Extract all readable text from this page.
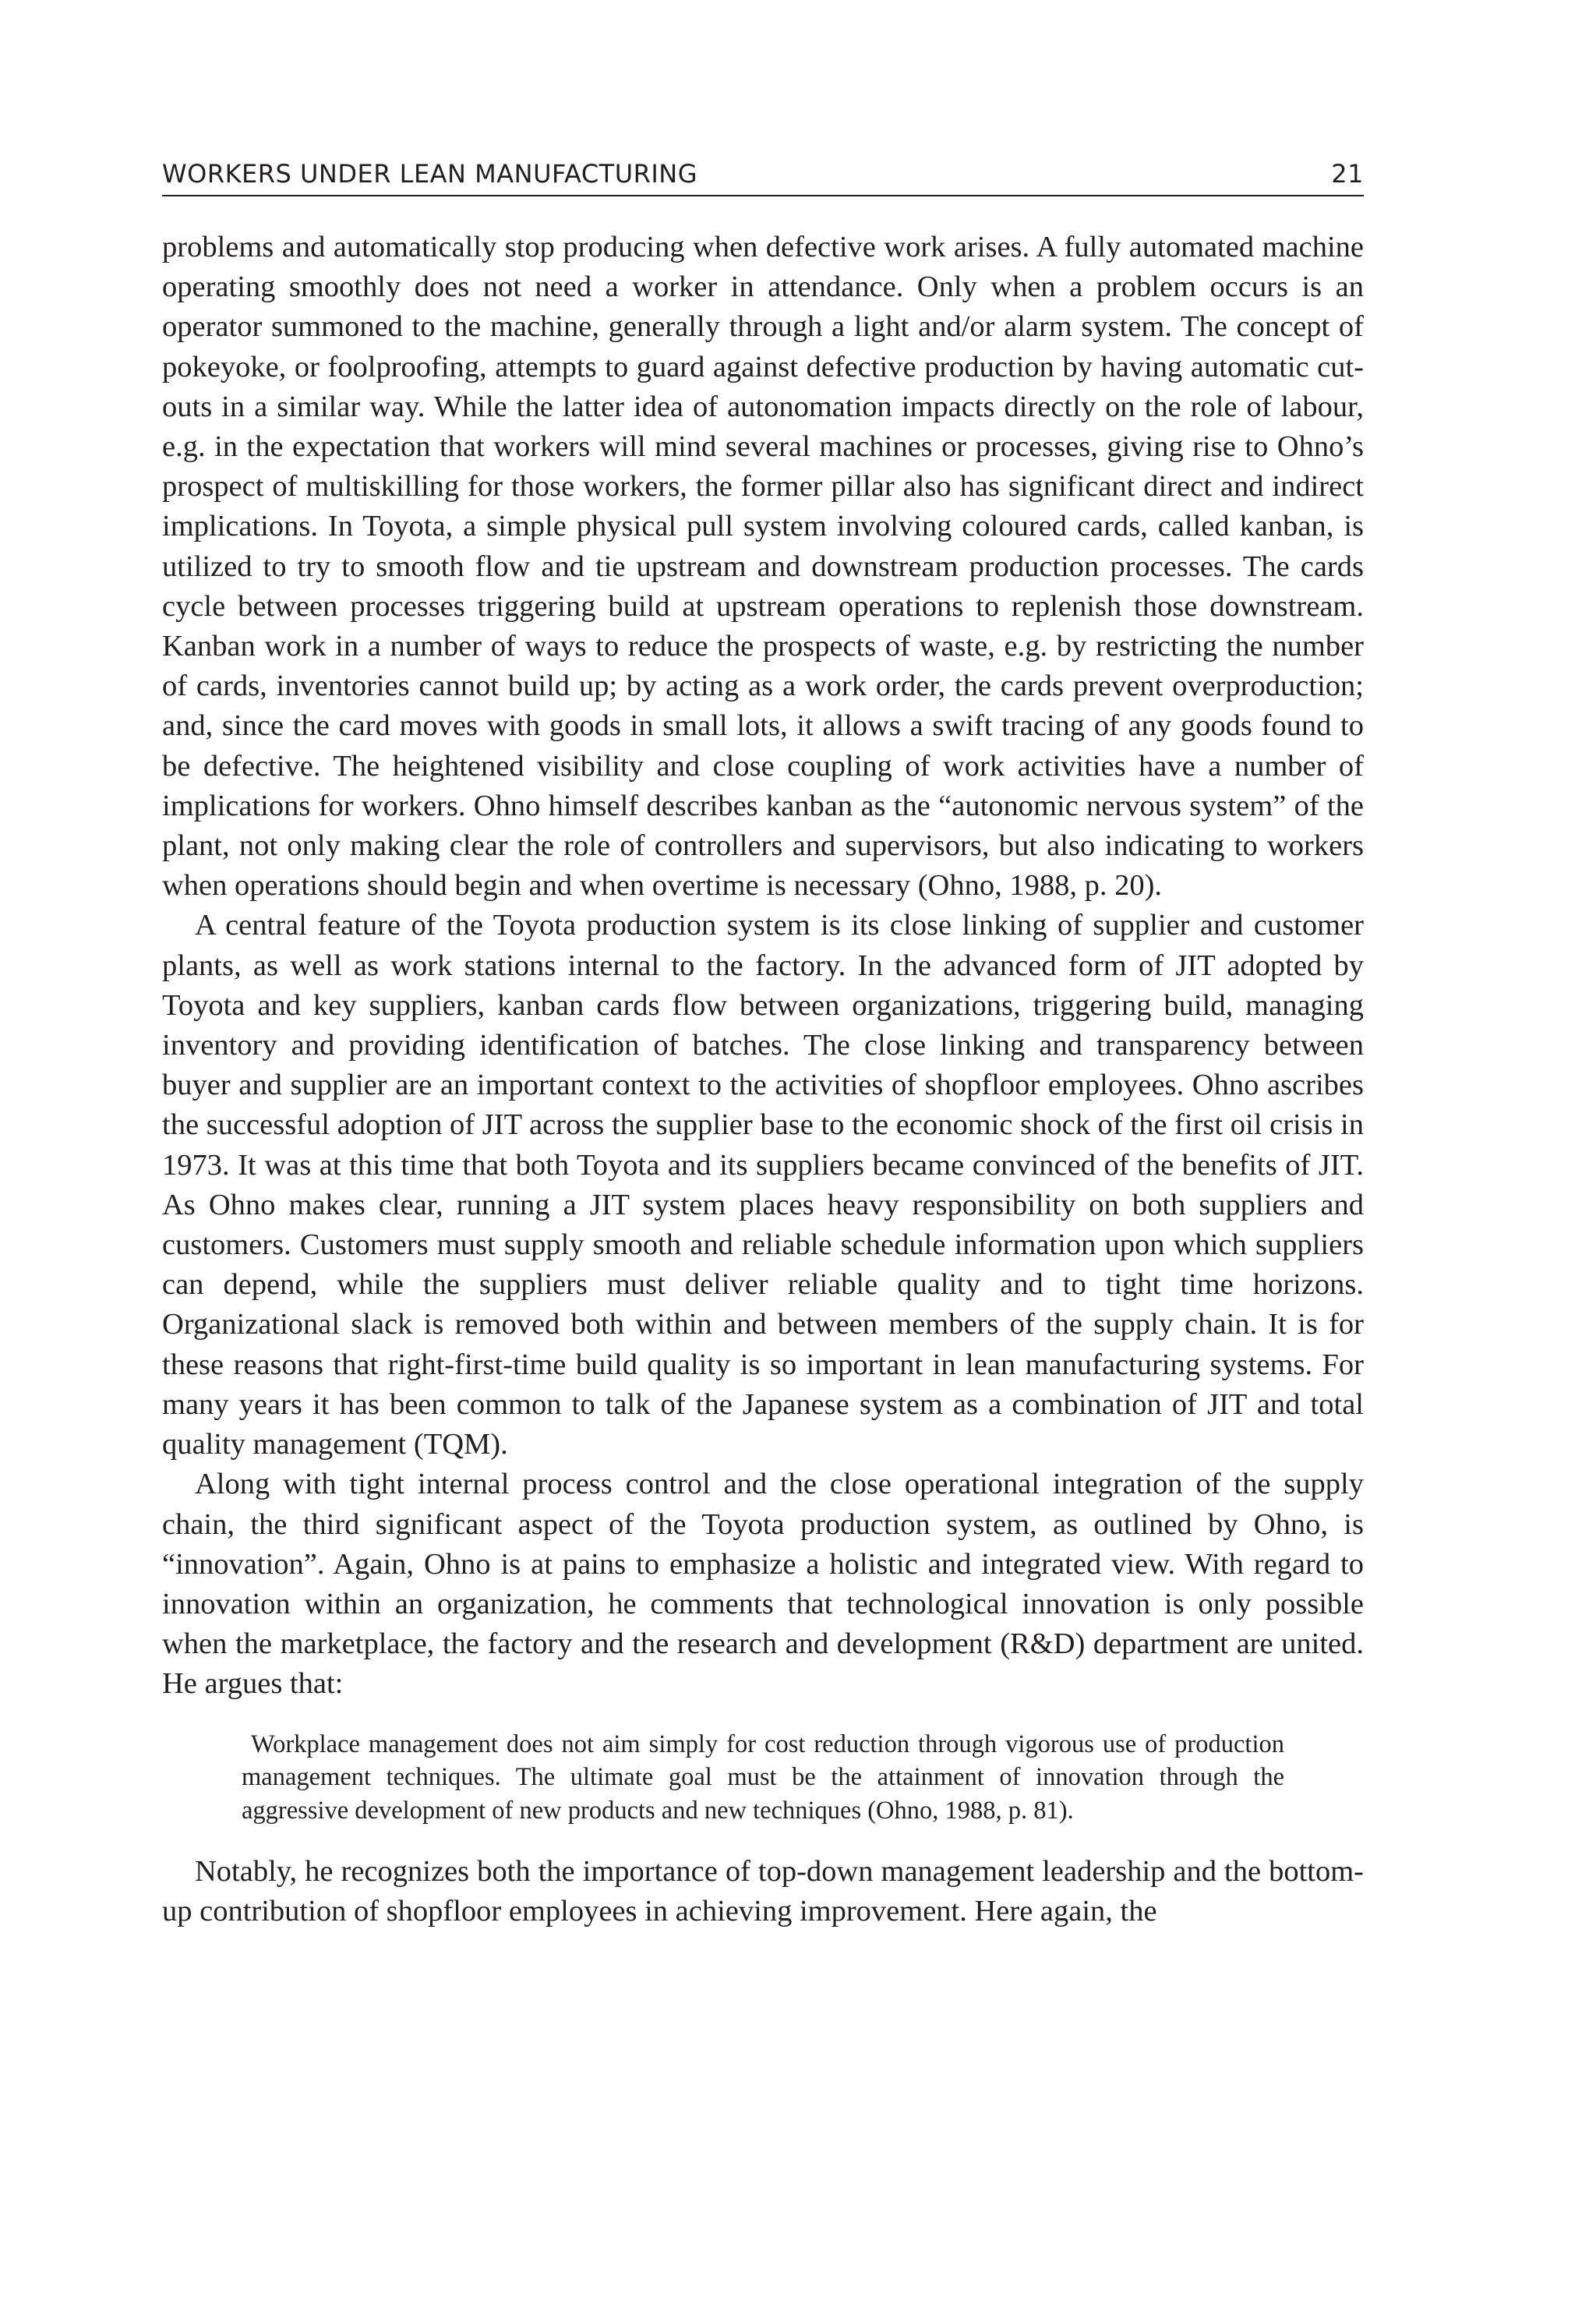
WORKERS UNDER LEAN MANUFACTURING	21

problems and automatically stop producing when defective work arises. A fully automated machine operating smoothly does not need a worker in attendance. Only when a problem occurs is an operator summoned to the machine, generally through a light and/or alarm system. The concept of pokeyoke, or foolproofing, attempts to guard against defective production by having automatic cut-outs in a similar way. While the latter idea of autonomation impacts directly on the role of labour, e.g. in the expectation that workers will mind several machines or processes, giving rise to Ohno’s prospect of multiskilling for those workers, the former pillar also has significant direct and indirect implications. In Toyota, a simple physical pull system involving coloured cards, called kanban, is utilized to try to smooth flow and tie upstream and downstream production processes. The cards cycle between processes triggering build at upstream operations to replenish those downstream. Kanban work in a number of ways to reduce the prospects of waste, e.g. by restricting the number of cards, inventories cannot build up; by acting as a work order, the cards prevent overproduction; and, since the card moves with goods in small lots, it allows a swift tracing of any goods found to be defective. The heightened visibility and close coupling of work activities have a number of implications for workers. Ohno himself describes kanban as the “autonomic nervous system” of the plant, not only making clear the role of controllers and supervisors, but also indicating to workers when operations should begin and when overtime is necessary (Ohno, 1988, p. 20).

A central feature of the Toyota production system is its close linking of supplier and customer plants, as well as work stations internal to the factory. In the advanced form of JIT adopted by Toyota and key suppliers, kanban cards flow between organizations, triggering build, managing inventory and providing identification of batches. The close linking and transparency between buyer and supplier are an important context to the activities of shopfloor employees. Ohno ascribes the successful adoption of JIT across the supplier base to the economic shock of the first oil crisis in 1973. It was at this time that both Toyota and its suppliers became convinced of the benefits of JIT. As Ohno makes clear, running a JIT system places heavy responsibility on both suppliers and customers. Customers must supply smooth and reliable schedule information upon which suppliers can depend, while the suppliers must deliver reliable quality and to tight time horizons. Organizational slack is removed both within and between members of the supply chain. It is for these reasons that right-first-time build quality is so important in lean manufacturing systems. For many years it has been common to talk of the Japanese system as a combination of JIT and total quality management (TQM).

Along with tight internal process control and the close operational integration of the supply chain, the third significant aspect of the Toyota production system, as outlined by Ohno, is “innovation”. Again, Ohno is at pains to emphasize a holistic and integrated view. With regard to innovation within an organization, he comments that technological innovation is only possible when the marketplace, the factory and the research and development (R&D) department are united. He argues that:

Workplace management does not aim simply for cost reduction through vigorous use of production management techniques. The ultimate goal must be the attainment of innovation through the aggressive development of new products and new techniques (Ohno, 1988, p. 81).

Notably, he recognizes both the importance of top-down management leadership and the bottom-up contribution of shopfloor employees in achieving improvement. Here again, the
